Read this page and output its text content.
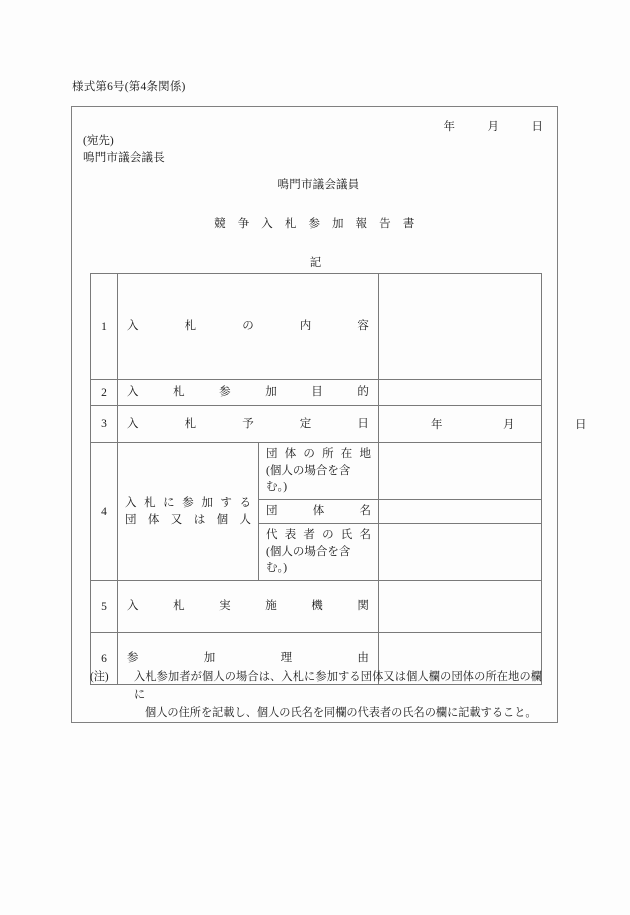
様式第6号(第4条関係)
年	月	日
(宛先)
鳴門市議会議長
鳴門市議会議員
競 争 入 札 参 加 報 告 書
記
1	入　札　の　内　容		

2	入 札 参 加 目 的		

3	入　札　予　定　日		年 月 日

4	入 札 に 参 加 す る
団 体 又 は 個 人	団 体 の 所 在 地
(個人の場合を含む。)	

		団　　　体　　　名	

		代 表 者 の 氏 名
(個人の場合を含む。)	

5	入 札 実 施 機 関		

6	参　　加　　理　　由		

(注)	入札参加者が個人の場合は、入札に参加する団体又は個人欄の団体の所在地の欄に
個人の住所を記載し、個人の氏名を同欄の代表者の氏名の欄に記載すること。
